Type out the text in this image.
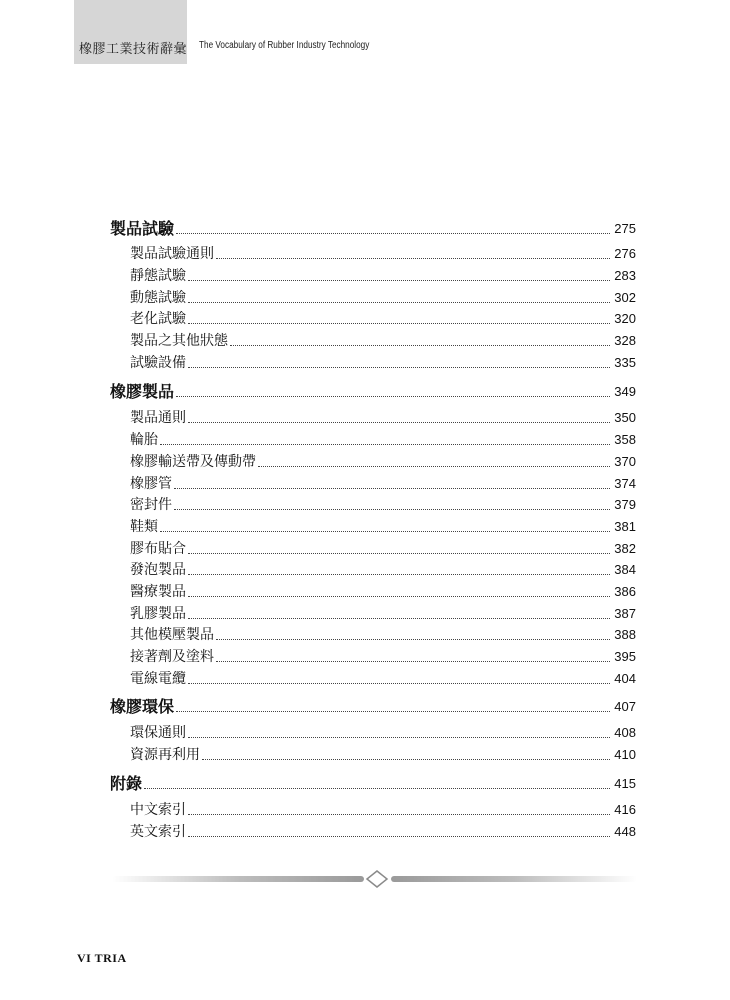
橡膠工業技術辭彙 The Vocabulary of Rubber Industry Technology
製品試驗	275
製品試驗通則	276
靜態試驗	283
動態試驗	302
老化試驗	320
製品之其他狀態	328
試驗設備	335
橡膠製品	349
製品通則	350
輪胎	358
橡膠輸送帶及傳動帶	370
橡膠管	374
密封件	379
鞋類	381
膠布貼合	382
發泡製品	384
醫療製品	386
乳膠製品	387
其他模壓製品	388
接著劑及塗料	395
電線電纜	404
橡膠環保	407
環保通則	408
資源再利用	410
附錄	415
中文索引	416
英文索引	448
VI TRIA
